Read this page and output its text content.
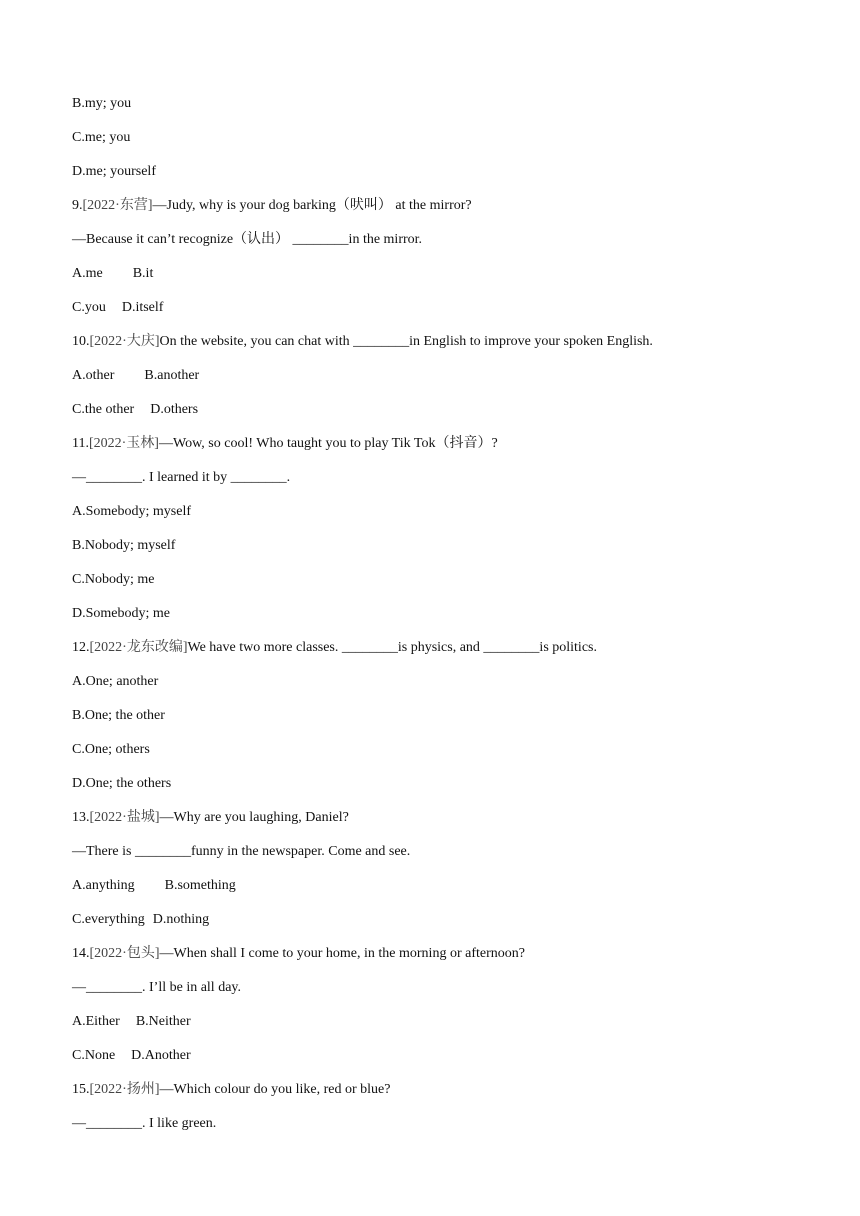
B.my; you
C.me; you
D.me; yourself
9.[2022·东营]—Judy, why is your dog barking（吠叫） at the mirror?
—Because it can’t recognize（认出） ________in the mirror.
A.me B.it
C.you D.itself
10.[2022·大庆]On the website, you can chat with ________in English to improve your spoken English.
A.other B.another
C.the other D.others
11.[2022·玉林]—Wow, so cool! Who taught you to play Tik Tok（抖音）?
—________. I learned it by ________.
A.Somebody; myself
B.Nobody; myself
C.Nobody; me
D.Somebody; me
12.[2022·龙东改编]We have two more classes. ________is physics, and ________is politics.
A.One; another
B.One; the other
C.One; others
D.One; the others
13.[2022·盐城]—Why are you laughing, Daniel?
—There is ________funny in the newspaper. Come and see.
A.anything B.something
C.everything D.nothing
14.[2022·包头]—When shall I come to your home, in the morning or afternoon?
—________. I’ll be in all day.
A.Either B.Neither
C.None D.Another
15.[2022·扬州]—Which colour do you like, red or blue?
—________. I like green.
